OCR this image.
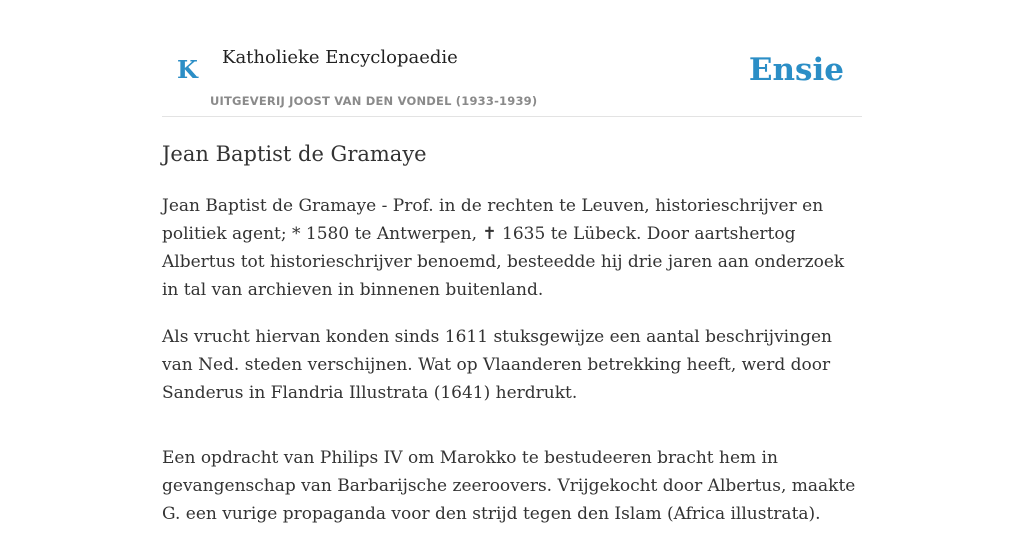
K Katholieke Encyclopaedie
UITGEVERIJ JOOST VAN DEN VONDEL (1933-1939)
Ensie
Jean Baptist de Gramaye

Jean Baptist de Gramaye - Prof. in de rechten te Leuven, historieschrijver en politiek agent; * 1580 te Antwerpen, ✝ 1635 te Lübeck. Door aartshertog Albertus tot historieschrijver benoemd, besteedde hij drie jaren aan onderzoek in tal van archieven in binnenen buitenland.

Als vrucht hiervan konden sinds 1611 stuksgewijze een aantal beschrijvingen van Ned. steden verschijnen. Wat op Vlaanderen betrekking heeft, werd door Sanderus in Flandria Illustrata (1641) herdrukt.

Een opdracht van Philips IV om Marokko te bestudeeren bracht hem in gevangenschap van Barbarijsche zeeroovers. Vrijgekocht door Albertus, maakte G. een vurige propaganda voor den strijd tegen den Islam (Africa illustrata).
